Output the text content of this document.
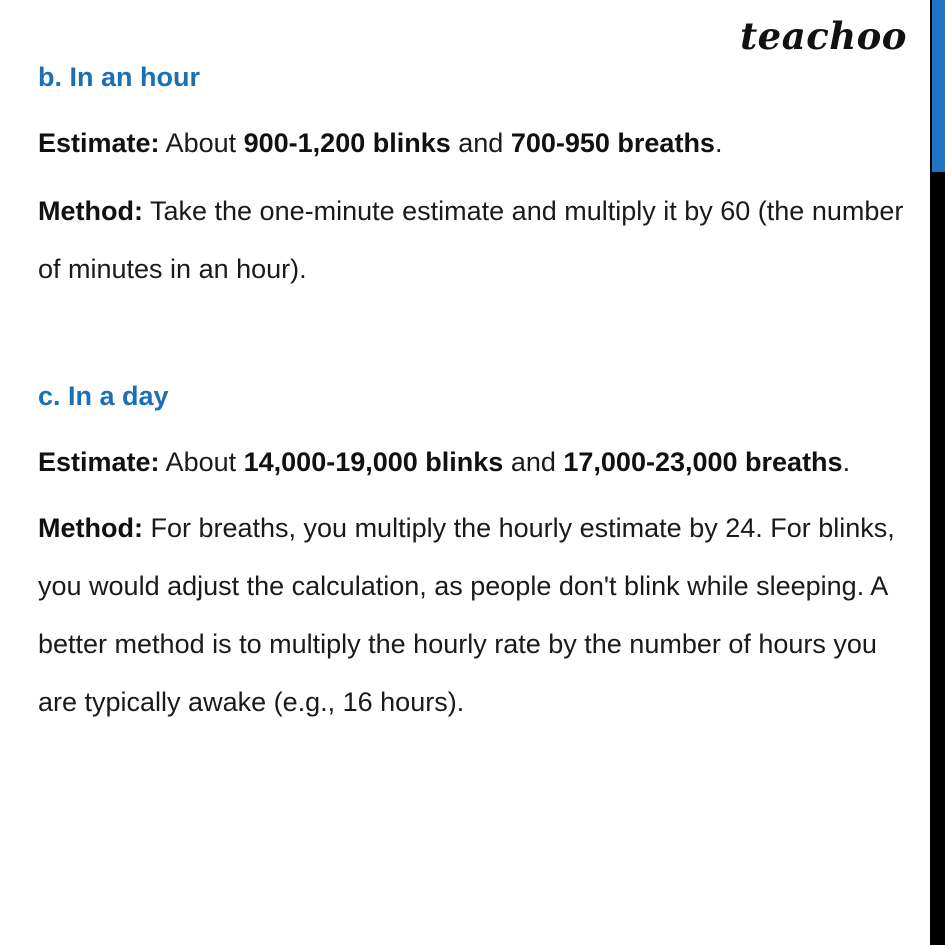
teachoo
b. In an hour
Estimate: About 900-1,200 blinks and 700-950 breaths.
Method: Take the one-minute estimate and multiply it by 60 (the number of minutes in an hour).
c. In a day
Estimate: About 14,000-19,000 blinks and 17,000-23,000 breaths.
Method: For breaths, you multiply the hourly estimate by 24. For blinks, you would adjust the calculation, as people don't blink while sleeping. A better method is to multiply the hourly rate by the number of hours you are typically awake (e.g., 16 hours).
